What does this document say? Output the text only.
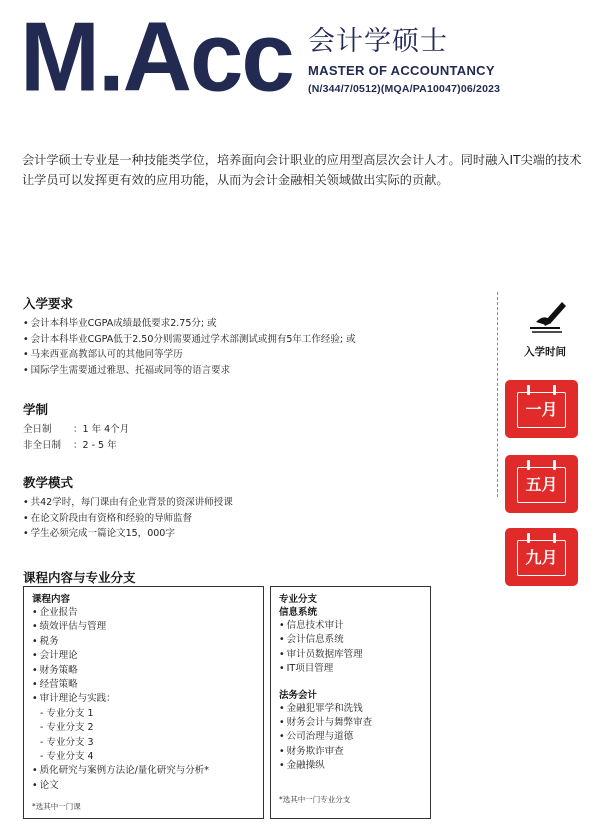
M.Acc 会计学硕士
MASTER OF ACCOUNTANCY
(N/344/7/0512)(MQA/PA10047)06/2023

会计学硕士专业是一种技能类学位，培养面向会计职业的应用型高层次会计人才。同时融入IT尖端的技术让学员可以发挥更有效的应用功能，从而为会计金融相关领域做出实际的贡献。

入学要求
• 会计本科毕业CGPA成绩最低要求2.75分; 或
• 会计本科毕业CGPA低于2.50分则需要通过学术部测试或拥有5年工作经验; 或
• 马来西亚高教部认可的其他同等学历
• 国际学生需要通过雅思、托福或同等的语言要求
学制
全日制 ：1 年 4个月
非全日制 ：2 - 5 年
教学模式
• 共42学时，每门课由有企业背景的资深讲师授课
• 在论文阶段由有资格和经验的导师监督
• 学生必须完成一篇论文15，000字
入学时间
一月
五月
九月
课程内容与专业分支
课程内容
• 企业报告
• 绩效评估与管理
• 税务
• 会计理论
• 财务策略
• 经营策略
• 审计理论与实践：
- 专业分支 1
- 专业分支 2
- 专业分支 3
- 专业分支 4
• 质化研究与案例方法论/量化研究与分析*
• 论文
*选其中一门课
专业分支
信息系统
• 信息技术审计
• 会计信息系统
• 审计员数据库管理
• IT项目管理
法务会计
• 金融犯罪学和洗钱
• 财务会计与舞弊审查
• 公司治理与道德
• 财务欺诈审查
• 金融操纵
*选其中一门专业分支
